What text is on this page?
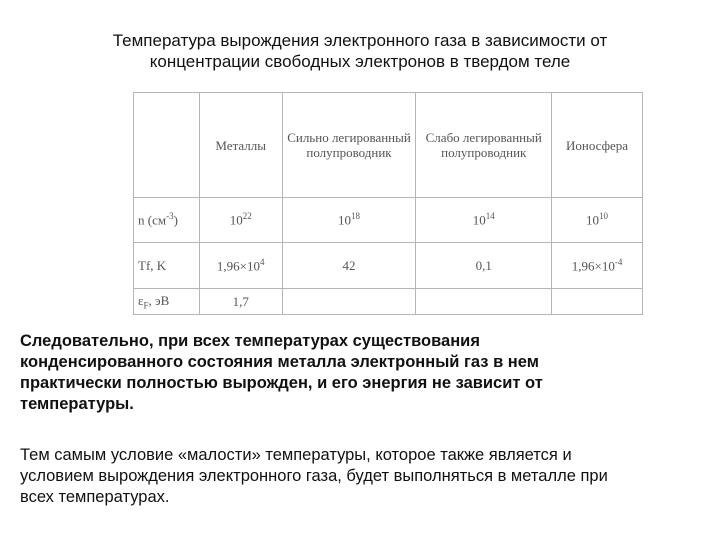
Температура вырождения электронного газа в зависимости от
концентрации свободных электронов в твердом теле
	Металлы	Сильно легированный полупроводник	Слабо легированный полупроводник	Ионосфера
n $(см^{-3})$	$10^{22}$	$10^{18}$	$10^{14}$	$10^{10}$
Tf, K	$1,96\times 10^4$	42	0,1	$1,96\times 10^{-4}$
$\varepsilon_F$, эВ	1,7			
Следовательно, при всех температурах существования
конденсированного состояния металла электронный газ в нем
практически полностью вырожден, и его энергия не зависит от
температуры.
Тем самым условие «малости» температуры, которое также является и
условием вырождения электронного газа, будет выполняться в металле при
всех температурах.
